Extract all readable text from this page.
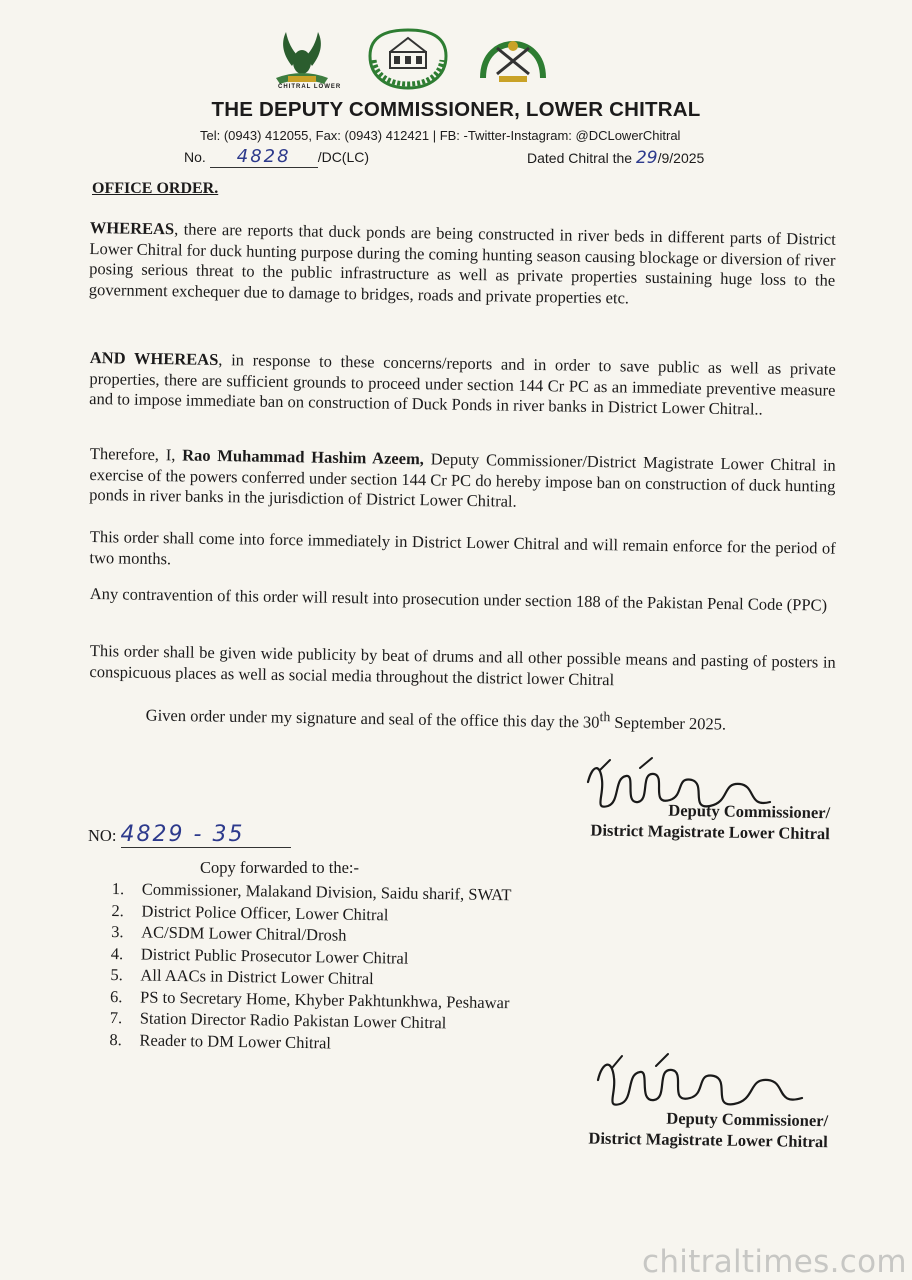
CHITRAL LOWER
THE DEPUTY COMMISSIONER, LOWER CHITRAL
Tel: (0943) 412055, Fax: (0943) 412421 | FB: -Twitter-Instagram: @DCLowerChitral
No. 4828 /DC(LC)	Dated Chitral the 29/9/2025
OFFICE ORDER.

WHEREAS, there are reports that duck ponds are being constructed in river beds in different parts of District Lower Chitral for duck hunting purpose during the coming hunting season causing blockage or diversion of river posing serious threat to the public infrastructure as well as private properties sustaining huge loss to the government exchequer due to damage to bridges, roads and private properties etc.

AND WHEREAS, in response to these concerns/reports and in order to save public as well as private properties, there are sufficient grounds to proceed under section 144 Cr PC as an immediate preventive measure and to impose immediate ban on construction of Duck Ponds in river banks in District Lower Chitral..

Therefore, I, Rao Muhammad Hashim Azeem, Deputy Commissioner/District Magistrate Lower Chitral in exercise of the powers conferred under section 144 Cr PC do hereby impose ban on construction of duck hunting ponds in river banks in the jurisdiction of District Lower Chitral.

This order shall come into force immediately in District Lower Chitral and will remain enforce for the period of two months.

Any contravention of this order will result into prosecution under section 188 of the Pakistan Penal Code (PPC)

This order shall be given wide publicity by beat of drums and all other possible means and pasting of posters in conspicuous places as well as social media throughout the district lower Chitral

Given order under my signature and seal of the office this day the 30th September 2025.

Deputy Commissioner/
District Magistrate Lower Chitral
NO: 4829 - 35
Copy forwarded to the:-
1. Commissioner, Malakand Division, Saidu sharif, SWAT
2. District Police Officer, Lower Chitral
3. AC/SDM Lower Chitral/Drosh
4. District Public Prosecutor Lower Chitral
5. All AACs in District Lower Chitral
6. PS to Secretary Home, Khyber Pakhtunkhwa, Peshawar
7. Station Director Radio Pakistan Lower Chitral
8. Reader to DM Lower Chitral
Deputy Commissioner/
District Magistrate Lower Chitral
chitraltimes.com
